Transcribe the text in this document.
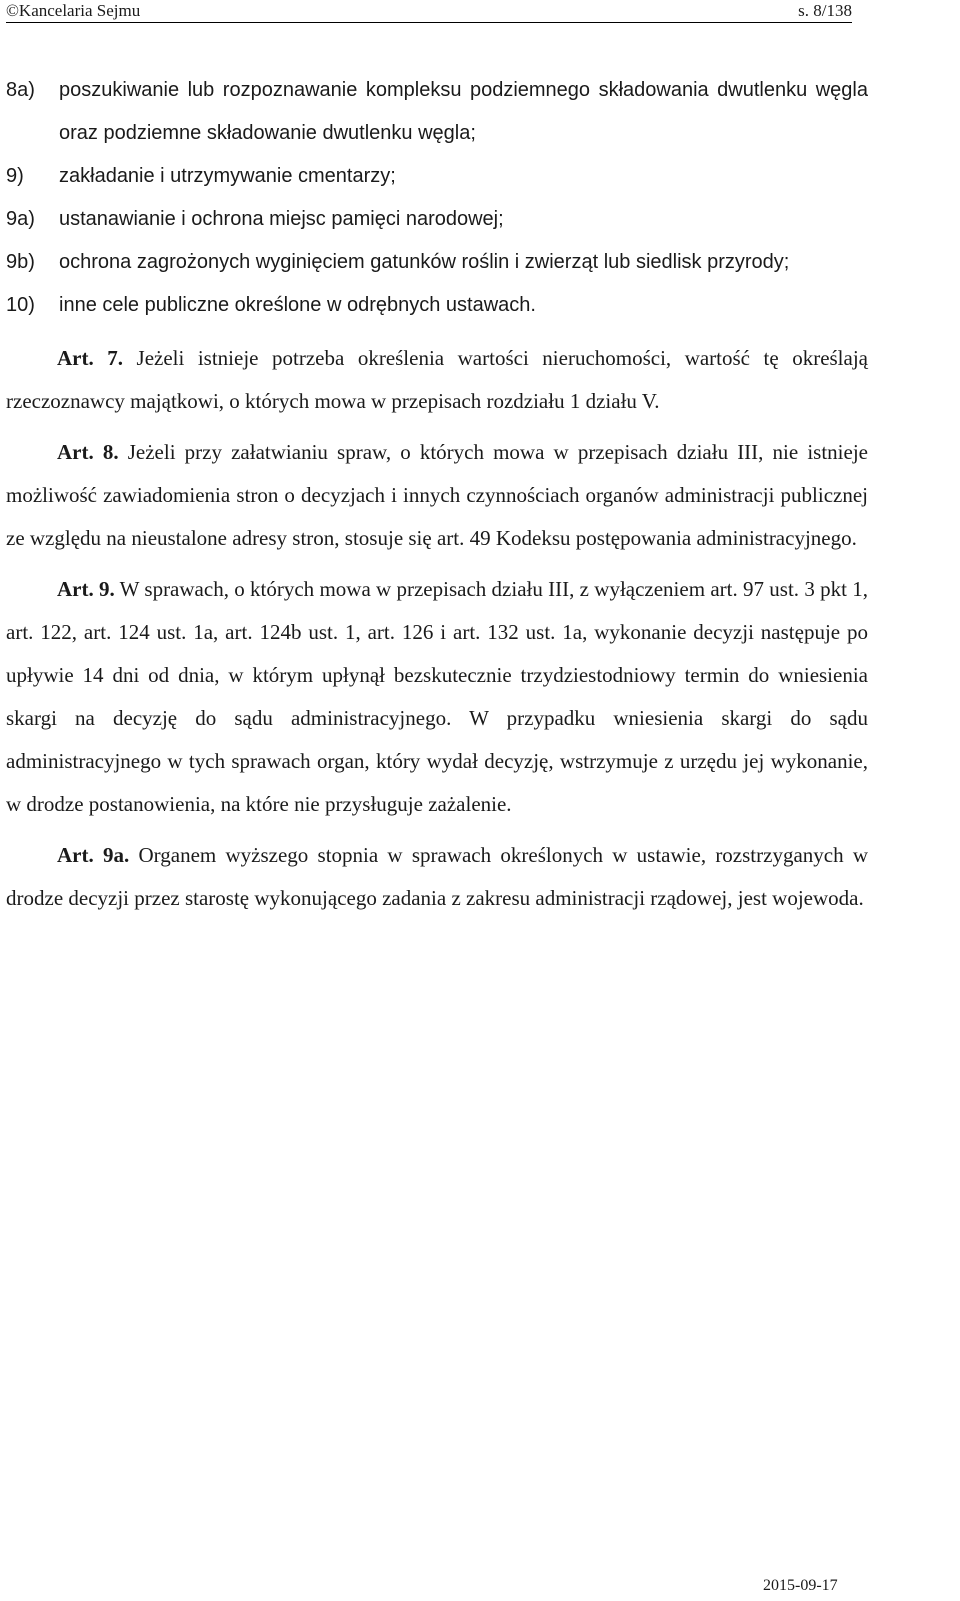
©Kancelaria Sejmu	s. 8/138
8a)	poszukiwanie lub rozpoznawanie kompleksu podziemnego składowania dwutlenku węgla oraz podziemne składowanie dwutlenku węgla;
9)	zakładanie i utrzymywanie cmentarzy;
9a)	ustanawianie i ochrona miejsc pamięci narodowej;
9b)	ochrona zagrożonych wyginięciem gatunków roślin i zwierząt lub siedlisk przyrody;
10)	inne cele publiczne określone w odrębnych ustawach.

Art. 7. Jeżeli istnieje potrzeba określenia wartości nieruchomości, wartość tę określają rzeczoznawcy majątkowi, o których mowa w przepisach rozdziału 1 działu V.

Art. 8. Jeżeli przy załatwianiu spraw, o których mowa w przepisach działu III, nie istnieje możliwość zawiadomienia stron o decyzjach i innych czynnościach organów administracji publicznej ze względu na nieustalone adresy stron, stosuje się art. 49 Kodeksu postępowania administracyjnego.

Art. 9. W sprawach, o których mowa w przepisach działu III, z wyłączeniem art. 97 ust. 3 pkt 1, art. 122, art. 124 ust. 1a, art. 124b ust. 1, art. 126 i art. 132 ust. 1a, wykonanie decyzji następuje po upływie 14 dni od dnia, w którym upłynął bezskutecznie trzydziestodniowy termin do wniesienia skargi na decyzję do sądu administracyjnego. W przypadku wniesienia skargi do sądu administracyjnego w tych sprawach organ, który wydał decyzję, wstrzymuje z urzędu jej wykonanie, w drodze postanowienia, na które nie przysługuje zażalenie.

Art. 9a. Organem wyższego stopnia w sprawach określonych w ustawie, rozstrzyganych w drodze decyzji przez starostę wykonującego zadania z zakresu administracji rządowej, jest wojewoda.

2015-09-17
